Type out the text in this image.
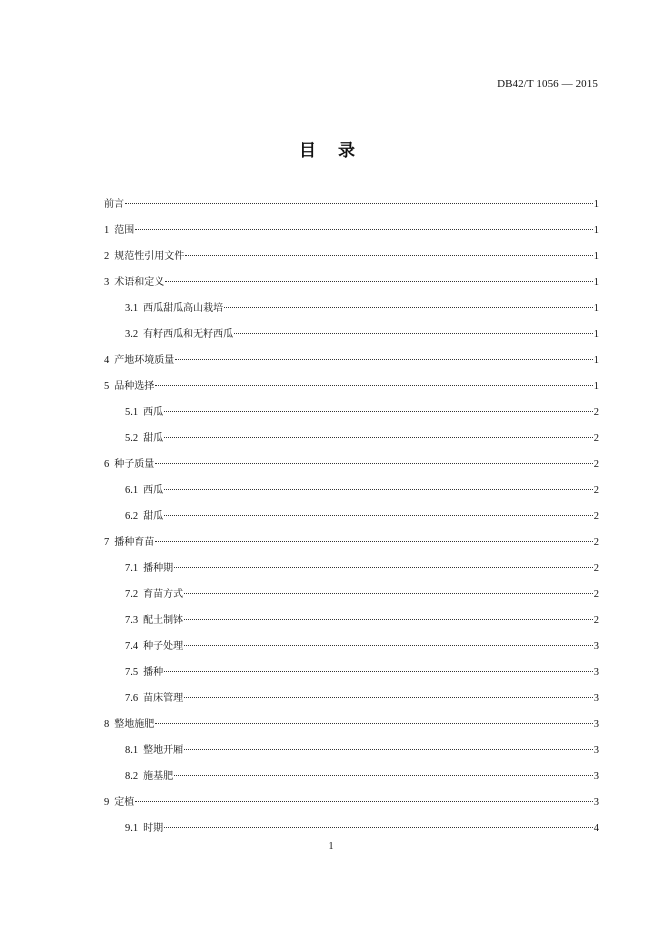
DB42/T 1056 — 2015
目 录
前言	1
1 范围	1
2 规范性引用文件	1
3 术语和定义	1
3.1 西瓜甜瓜高山栽培	1
3.2 有籽西瓜和无籽西瓜	1
4 产地环境质量	1
5 品种选择	1
5.1 西瓜	2
5.2 甜瓜	2
6 种子质量	2
6.1 西瓜	2
6.2 甜瓜	2
7 播种育苗	2
7.1 播种期	2
7.2 育苗方式	2
7.3 配土制钵	2
7.4 种子处理	3
7.5 播种	3
7.6 苗床管理	3
8 整地施肥	3
8.1 整地开厢	3
8.2 施基肥	3
9 定植	3
9.1 时期	4
1
